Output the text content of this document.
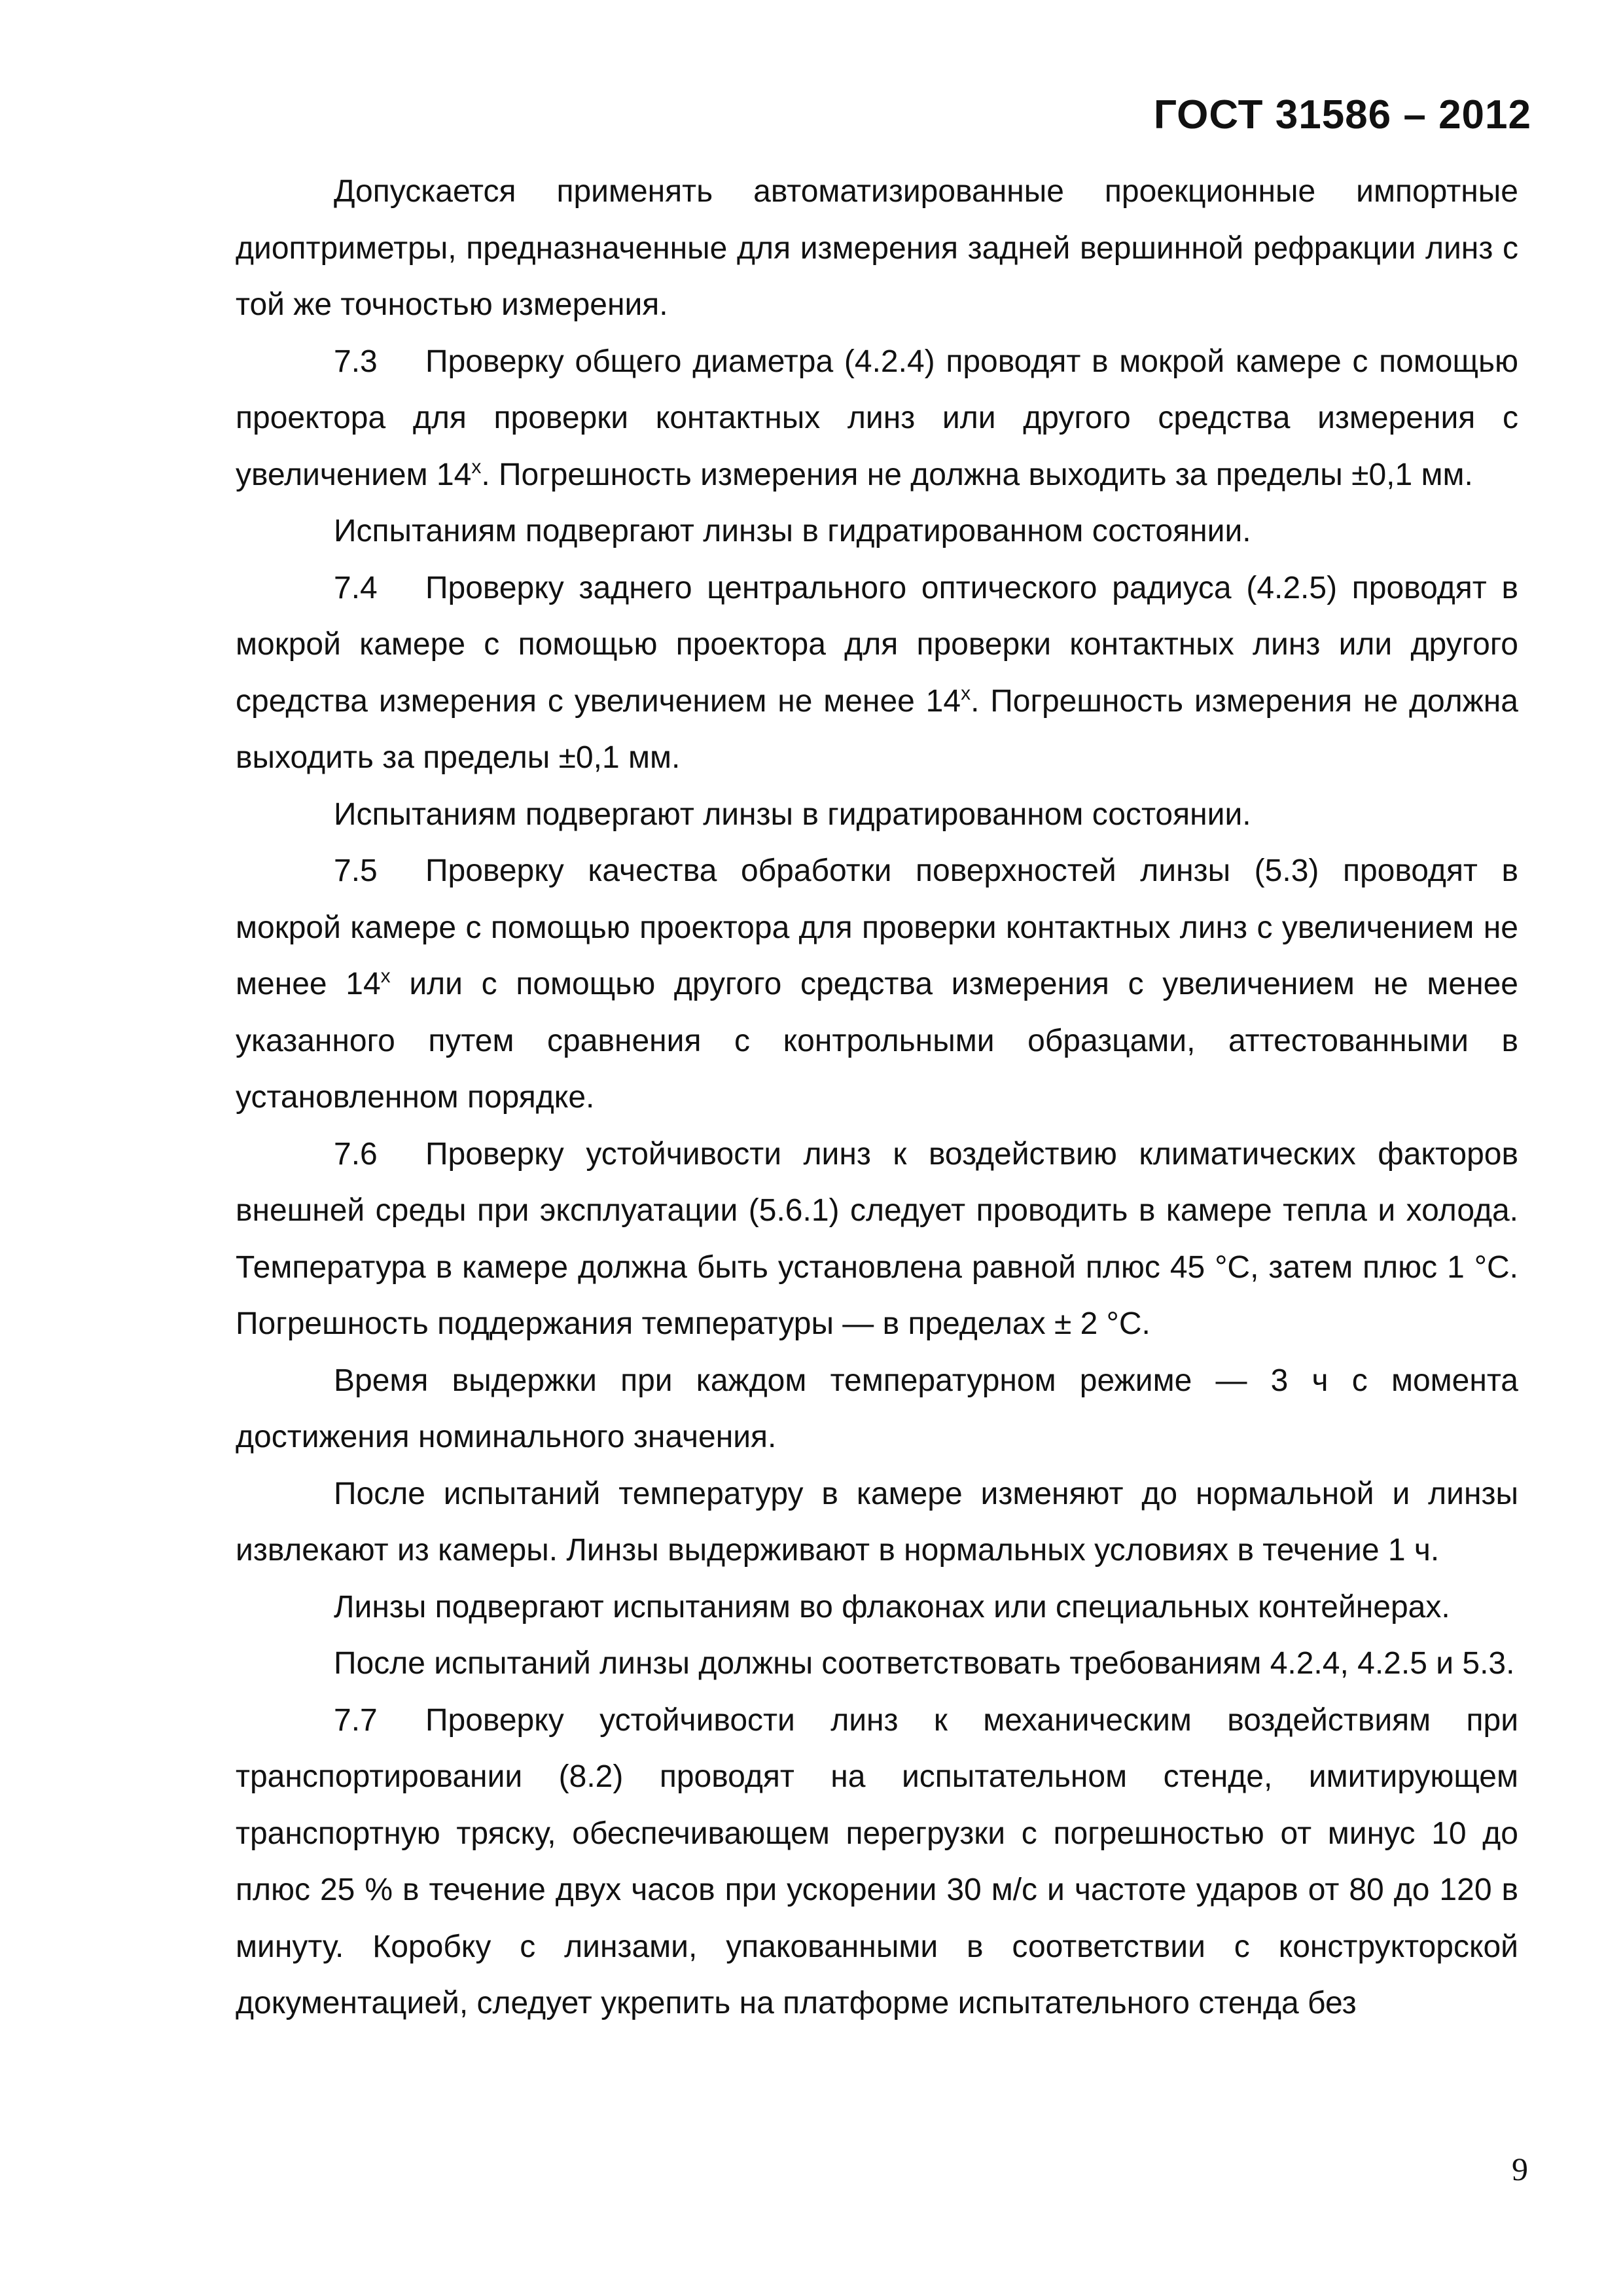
ГОСТ 31586 – 2012

Допускается применять автоматизированные проекционные импортные диоптриметры, предназначенные для измерения задней вершинной рефракции линз с той же точностью измерения.

7.3 Проверку общего диаметра (4.2.4) проводят в мокрой камере с помощью проектора для проверки контактных линз или другого средства измерения с увеличением 14$^x$. Погрешность измерения не должна выходить за пределы ±0,1 мм.

Испытаниям подвергают линзы в гидратированном состоянии.

7.4 Проверку заднего центрального оптического радиуса (4.2.5) проводят в мокрой камере с помощью проектора для проверки контактных линз или другого средства измерения с увеличением не менее 14$^x$. Погрешность измерения не должна выходить за пределы ±0,1 мм.

Испытаниям подвергают линзы в гидратированном состоянии.

7.5 Проверку качества обработки поверхностей линзы (5.3) проводят в мокрой камере с помощью проектора для проверки контактных линз с увеличением не менее 14$^x$ или с помощью другого средства измерения с увеличением не менее указанного путем сравнения с контрольными образцами, аттестованными в установленном порядке.

7.6 Проверку устойчивости линз к воздействию климатических факторов внешней среды при эксплуатации (5.6.1) следует проводить в камере тепла и холода. Температура в камере должна быть установлена равной плюс 45 °С, затем плюс 1 °С. Погрешность поддержания температуры — в пределах ± 2 °С.

Время выдержки при каждом температурном режиме — 3 ч с момента достижения номинального значения.

После испытаний температуру в камере изменяют до нормальной и линзы извлекают из камеры. Линзы выдерживают в нормальных условиях в течение 1 ч.

Линзы подвергают испытаниям во флаконах или специальных контейнерах.

После испытаний линзы должны соответствовать требованиям 4.2.4, 4.2.5 и 5.3.

7.7 Проверку устойчивости линз к механическим воздействиям при транспортировании (8.2) проводят на испытательном стенде, имитирующем транспортную тряску, обеспечивающем перегрузки с погрешностью от минус 10 до плюс 25 % в течение двух часов при ускорении 30 м/с и частоте ударов от 80 до 120 в минуту. Коробку с линзами, упакованными в соответствии с конструкторской документацией, следует укрепить на платформе испытательного стенда без

9
